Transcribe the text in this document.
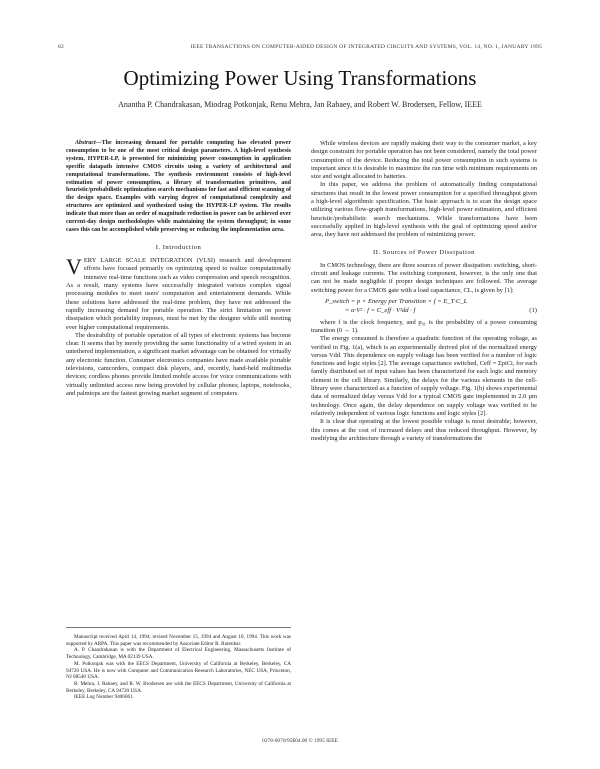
82	IEEE TRANSACTIONS ON COMPUTER-AIDED DESIGN OF INTEGRATED CIRCUITS AND SYSTEMS, VOL. 14, NO. 1, JANUARY 1995
Optimizing Power Using Transformations
Anantha P. Chandrakasan, Miodrag Potkonjak, Renu Mehra, Jan Rabaey, and Robert W. Brodersen, Fellow, IEEE

Abstract—The increasing demand for portable computing has elevated power consumption to be one of the most critical design parameters. A high-level synthesis system, HYPER-LP, is presented for minimizing power consumption in application specific datapath intensive CMOS circuits using a variety of architectural and computational transformations. The synthesis environment consists of high-level estimation of power consumption, a library of transformation primitives, and heuristic/probabilistic optimization search mechanisms for fast and efficient scanning of the design space. Examples with varying degree of computational complexity and structures are optimized and synthesized using the HYPER-LP system. The results indicate that more than an order of magnitude reduction in power can be achieved over current-day design methodologies while maintaining the system throughput; in some cases this can be accomplished while preserving or reducing the implementation area.

I. Introduction

VERY LARGE SCALE INTEGRATION (VLSI) research and development efforts have focused primarily on optimizing speed to realize computationally intensive real-time functions such as video compression and speech recognition. As a result, many systems have successfully integrated various complex signal processing modules to meet users' computation and entertainment demands. While these solutions have addressed the real-time problem, they have not addressed the rapidly increasing demand for portable operation. The strict limitation on power dissipation which portability imposes, must be met by the designer while still meeting ever higher computational requirements.

The desirability of portable operation of all types of electronic systems has become clear. It seems that by merely providing the same functionality of a wired system in an untethered implementation, a significant market advantage can be obtained for virtually any electronic function. Consumer electronics companies have made available portable televisions, camcorders, compact disk players, and, recently, hand-held multimedia devices; cordless phones provide limited mobile access for voice communications with virtually unlimited access now being provided by cellular phones; laptops, notebooks, and palmtops are the fastest growing market segment of computers.

Manuscript received April 14, 1994; revised November 15, 1994 and August 10, 1994. This work was supported by ARPA. This paper was recommended by Associate Editor R. Rutenbar.

A. P. Chandrakasan is with the Department of Electrical Engineering, Massachusetts Institute of Technology, Cambridge, MA 02139 USA.

M. Potkonjak was with the EECS Department, University of California at Berkeley, Berkeley, CA 94720 USA. He is now with Computer and Communication Research Laboratories, NEC USA, Princeton, NJ 08540 USA.

R. Mehra, J. Rabaey, and R. W. Brodersen are with the EECS Department, University of California at Berkeley, Berkeley, CA 94720 USA.

IEEE Log Number 9406061.

While wireless devices are rapidly making their way to the consumer market, a key design constraint for portable operation has not been considered, namely the total power consumption of the device. Reducing the total power consumption in such systems is important since it is desirable to maximize the run time with minimum requirements on size and weight allocated to batteries.

In this paper, we address the problem of automatically finding computational structures that result in the lowest power consumption for a specified throughput given a high-level algorithmic specification. The basic approach is to scan the design space utilizing various flow-graph transformations, high-level power estimation, and efficient heuristic/probabilistic search mechanisms. While transformations have been successfully applied in high-level synthesis with the goal of optimizing speed and/or area, they have not addressed the problem of minimizing power.

II. Sources of Power Dissipation

In CMOS technology, there are three sources of power dissipation: switching, short-circuit and leakage currents. The switching component, however, is the only one that can not be made negligible if proper design techniques are followed. The average switching power for a CMOS gate with a load capacitance, CL, is given by [1]:

P_switch = p × Energy per Transition × f = E_T·C_L
= α·V² · f = C_eff · V²dd · f	(1)

where f is the clock frequency, and p₀₁ is the probability of a power consuming transition (0 → 1).

The energy consumed is therefore a quadratic function of the operating voltage, as verified in Fig. 1(a), which is an experimentally derived plot of the normalized energy versus Vdd. This dependence on supply voltage has been verified for a number of logic functions and logic styles [2]. The average capacitance switched, Ceff = ΣpiCi, for each family distributed set of input values has been characterized for each logic and memory element in the cell library. Similarly, the delays for the various elements in the cell-library were characterized as a function of supply voltage. Fig. 1(b) shows experimental data of normalized delay versus Vdd for a typical CMOS gate implemented in 2.0 µm technology. Once again, the delay dependence on supply voltage was verified to be relatively independent of various logic functions and logic styles [2].

It is clear that operating at the lowest possible voltage is most desirable; however, this comes at the cost of increased delays and thus reduced throughput. However, by modifying the architecture through a variety of transformations the

0278-0070/95$04.00 © 1995 IEEE
